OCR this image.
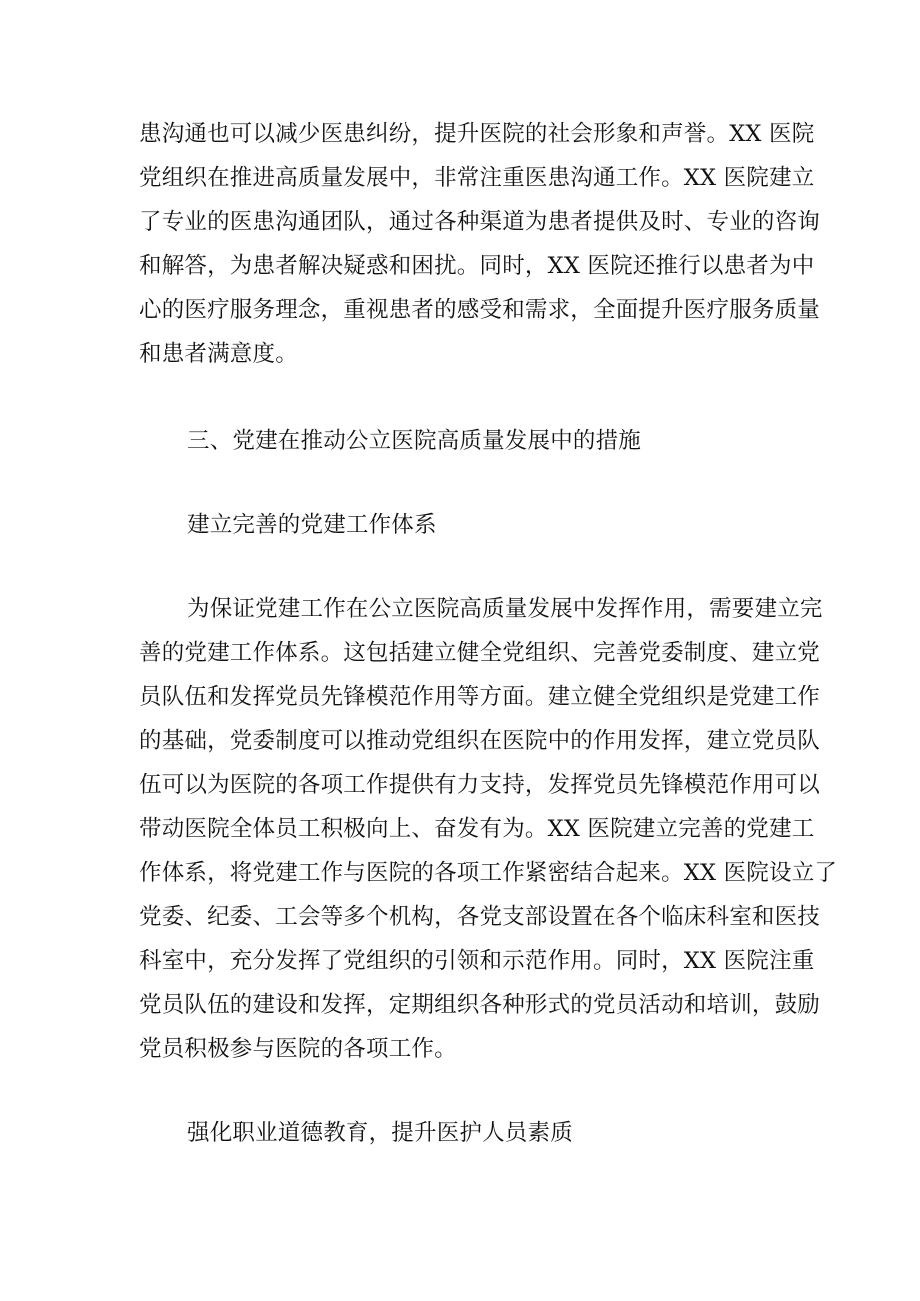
患沟通也可以减少医患纠纷，提升医院的社会形象和声誉。XX 医院
党组织在推进高质量发展中，非常注重医患沟通工作。XX 医院建立
了专业的医患沟通团队，通过各种渠道为患者提供及时、专业的咨询
和解答，为患者解决疑惑和困扰。同时，XX 医院还推行以患者为中
心的医疗服务理念，重视患者的感受和需求，全面提升医疗服务质量
和患者满意度。
三、党建在推动公立医院高质量发展中的措施
建立完善的党建工作体系
为保证党建工作在公立医院高质量发展中发挥作用，需要建立完
善的党建工作体系。这包括建立健全党组织、完善党委制度、建立党
员队伍和发挥党员先锋模范作用等方面。建立健全党组织是党建工作
的基础，党委制度可以推动党组织在医院中的作用发挥，建立党员队
伍可以为医院的各项工作提供有力支持，发挥党员先锋模范作用可以
带动医院全体员工积极向上、奋发有为。XX 医院建立完善的党建工
作体系，将党建工作与医院的各项工作紧密结合起来。XX 医院设立了
党委、纪委、工会等多个机构，各党支部设置在各个临床科室和医技
科室中，充分发挥了党组织的引领和示范作用。同时，XX 医院注重
党员队伍的建设和发挥，定期组织各种形式的党员活动和培训，鼓励
党员积极参与医院的各项工作。
强化职业道德教育，提升医护人员素质
